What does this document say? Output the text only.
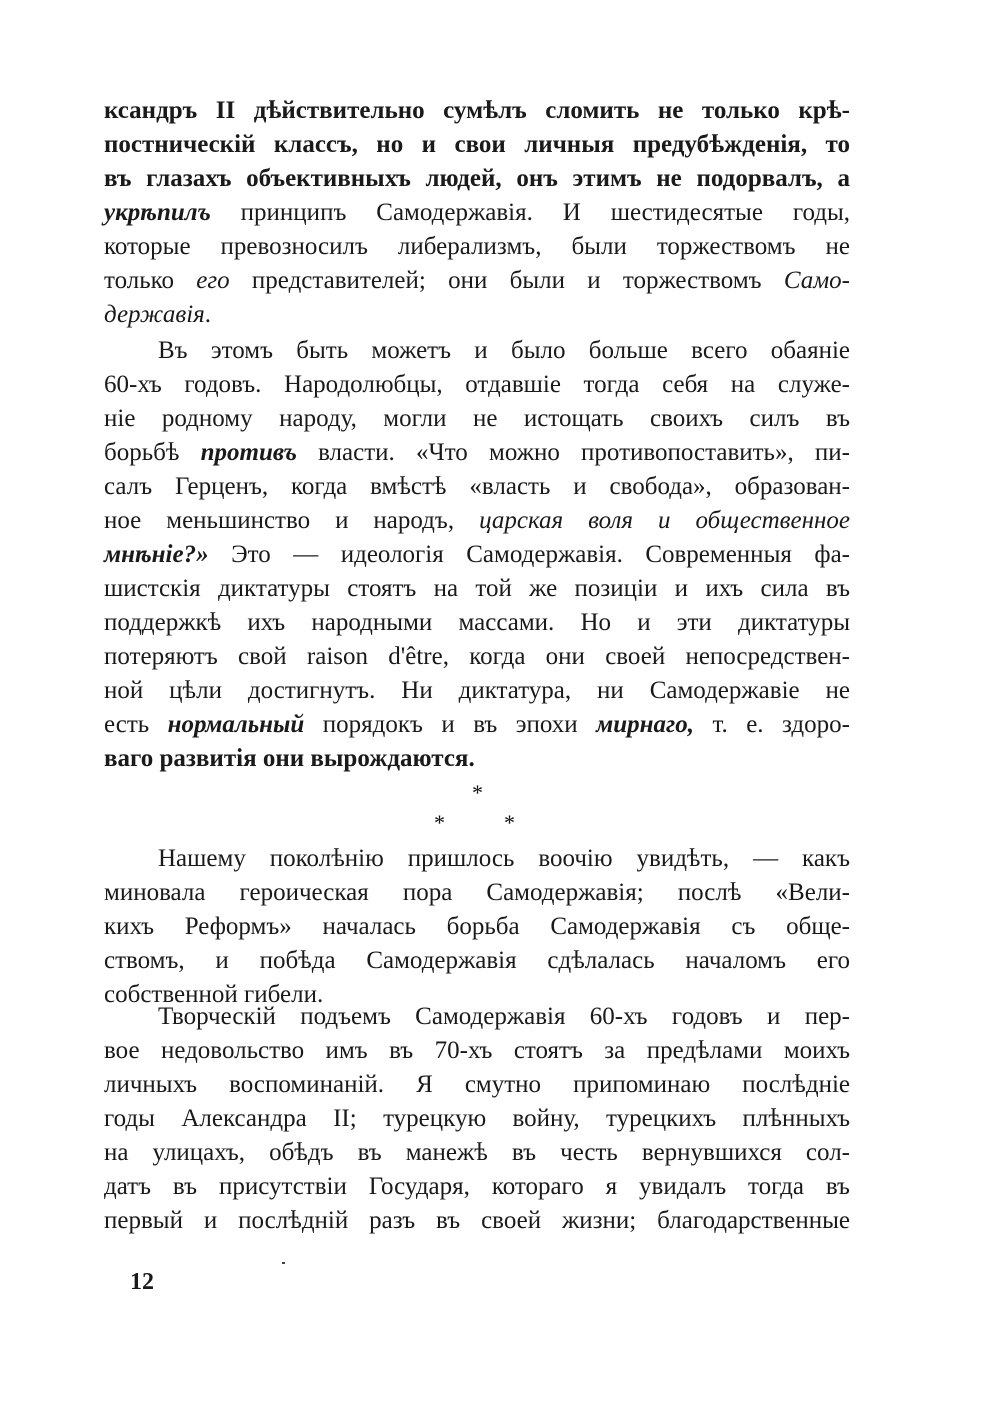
ксандръ II дѣйствительно сумѣлъ сломить не только крѣ-
постническій классъ, но и свои личныя предубѣжденія, то
въ глазахъ объективныхъ людей, онъ этимъ не подорвалъ, а
укрѣпилъ принципъ Самодержавія. И шестидесятые годы,
которые превозносилъ либерализмъ, были торжествомъ не
только его представителей; они были и торжествомъ Само-
державія.
Въ этомъ быть можетъ и было больше всего обаяніе
60-хъ годовъ. Народолюбцы, отдавшіе тогда себя на служе-
ніе родному народу, могли не истощать своихъ силъ въ
борьбѣ противъ власти. «Что можно противопоставить», пи-
салъ Герценъ, когда вмѣстѣ «власть и свобода», образован-
ное меньшинство и народъ, царская воля и общественное
мнѣніе?» Это — идеологія Самодержавія. Современныя фа-
шистскія диктатуры стоятъ на той же позиціи и ихъ сила въ
поддержкѣ ихъ народными массами. Но и эти диктатуры
потеряютъ свой raison d'être, когда они своей непосредствен-
ной цѣли достигнутъ. Ни диктатура, ни Самодержавіе не
есть нормальный порядокъ и въ эпохи мирнаго, т. е. здоро-
ваго развитія они вырождаются.
*
*	*
Нашему поколѣнію пришлось воочію увидѣть, — какъ
миновала героическая пора Самодержавія; послѣ «Вели-
кихъ Реформъ» началась борьба Самодержавія съ обще-
ствомъ, и побѣда Самодержавія сдѣлалась началомъ его
собственной гибели.
Творческій подъемъ Самодержавія 60-хъ годовъ и пер-
вое недовольство имъ въ 70-хъ стоятъ за предѣлами моихъ
личныхъ воспоминаній. Я смутно припоминаю послѣдніе
годы Александра II; турецкую войну, турецкихъ плѣнныхъ
на улицахъ, обѣдъ въ манежѣ въ честь вернувшихся сол-
датъ въ присутствіи Государя, котораго я увидалъ тогда въ
первый и послѣдній разъ въ своей жизни; благодарственные
12
